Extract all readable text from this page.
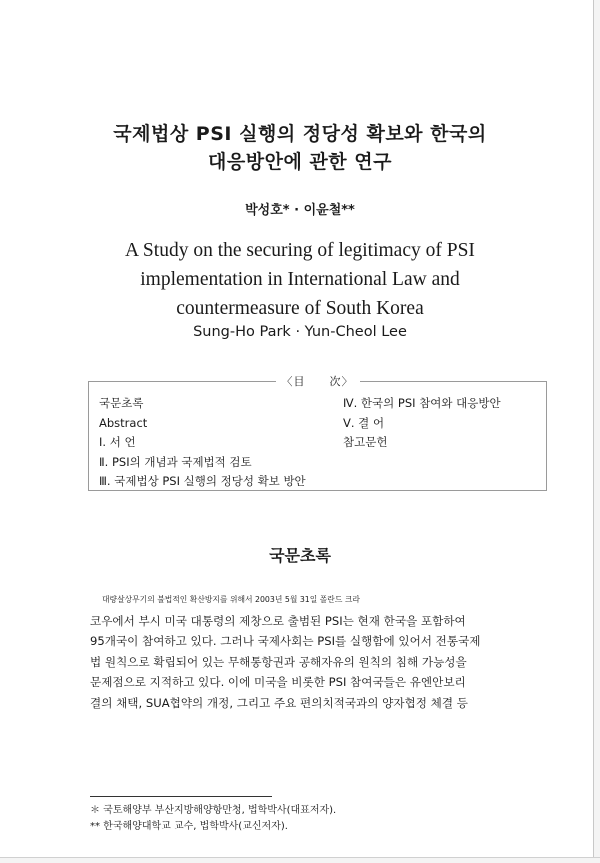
국제법상 PSI 실행의 정당성 확보와 한국의
대응방안에 관한 연구
박성호* · 이윤철**
A Study on the securing of legitimacy of PSI
implementation in International Law and
countermeasure of South Korea
Sung-Ho Park · Yun-Cheol Lee
〈目　　次〉
국문초록
Abstract
Ⅰ. 서 언
Ⅱ. PSI의 개념과 국제법적 검토
Ⅲ. 국제법상 PSI 실행의 정당성 확보 방안
Ⅳ. 한국의 PSI 참여와 대응방안
Ⅴ. 결 어
참고문헌
국문초록
대량살상무기의 불법적인 확산방지를 위해서 2003년 5월 31일 폴란드 크라
코우에서 부시 미국 대통령의 제창으로 출범된 PSI는 현재 한국을 포함하여
95개국이 참여하고 있다. 그러나 국제사회는 PSI를 실행함에 있어서 전통국제
법 원칙으로 확립되어 있는 무해통항권과 공해자유의 원칙의 침해 가능성을
문제점으로 지적하고 있다. 이에 미국을 비롯한 PSI 참여국들은 유엔안보리
결의 채택, SUA협약의 개정, 그리고 주요 편의치적국과의 양자협정 체결 등
＊ 국토해양부 부산지방해양항만청, 법학박사(대표저자).
** 한국해양대학교 교수, 법학박사(교신저자).
